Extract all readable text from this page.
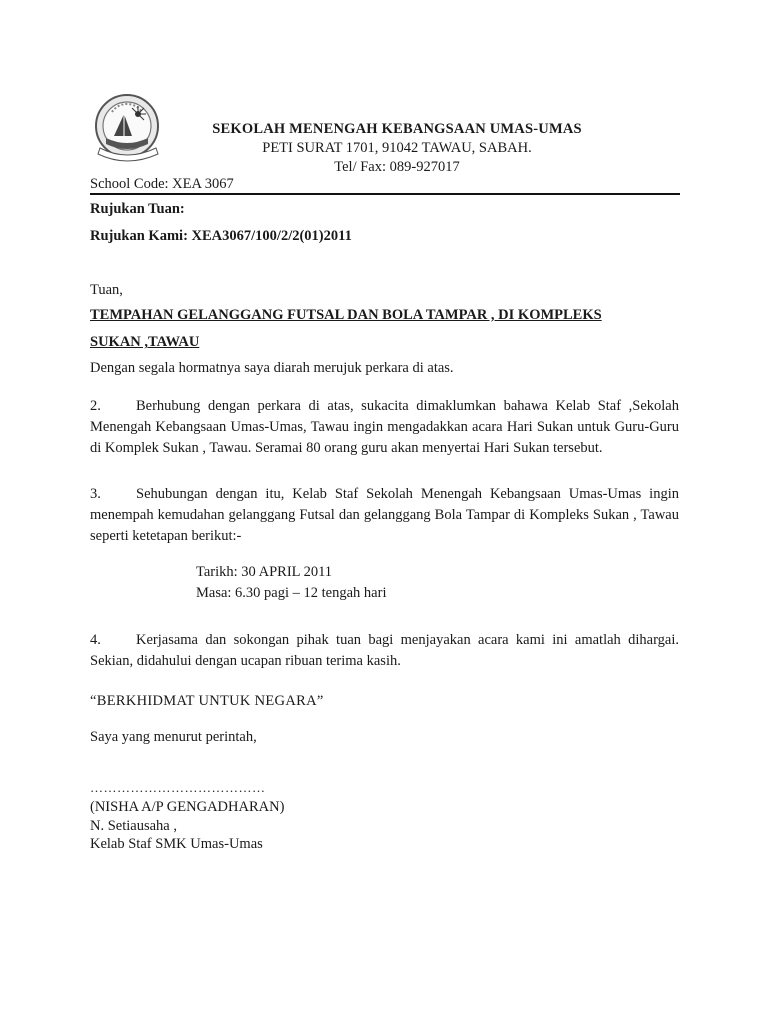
SEKOLAH MENENGAH KEBANGSAAN UMAS-UMAS
PETI SURAT 1701, 91042 TAWAU, SABAH.
Tel/ Fax: 089-927017
School Code: XEA 3067
Rujukan Tuan:
Rujukan Kami: XEA3067/100/2/2(01)2011
Tuan,
TEMPAHAN GELANGGANG FUTSAL DAN BOLA TAMPAR , DI KOMPLEKS
SUKAN ,TAWAU
Dengan segala hormatnya saya diarah merujuk perkara di atas.
2. Berhubung dengan perkara di atas, sukacita dimaklumkan bahawa Kelab Staf ,Sekolah Menengah Kebangsaan Umas-Umas, Tawau ingin mengadakkan acara Hari Sukan untuk Guru-Guru di Komplek Sukan , Tawau. Seramai 80 orang guru akan menyertai Hari Sukan tersebut.
3. Sehubungan dengan itu, Kelab Staf Sekolah Menengah Kebangsaan Umas-Umas ingin menempah kemudahan gelanggang Futsal dan gelanggang Bola Tampar di Kompleks Sukan , Tawau seperti ketetapan berikut:-
Tarikh: 30 APRIL 2011
Masa: 6.30 pagi – 12 tengah hari
4. Kerjasama dan sokongan pihak tuan bagi menjayakan acara kami ini amatlah dihargai. Sekian, didahului dengan ucapan ribuan terima kasih.
“BERKHIDMAT UNTUK NEGARA”
Saya yang menurut perintah,
…………………………………
(NISHA A/P GENGADHARAN)
N. Setiausaha ,
Kelab Staf SMK Umas-Umas
